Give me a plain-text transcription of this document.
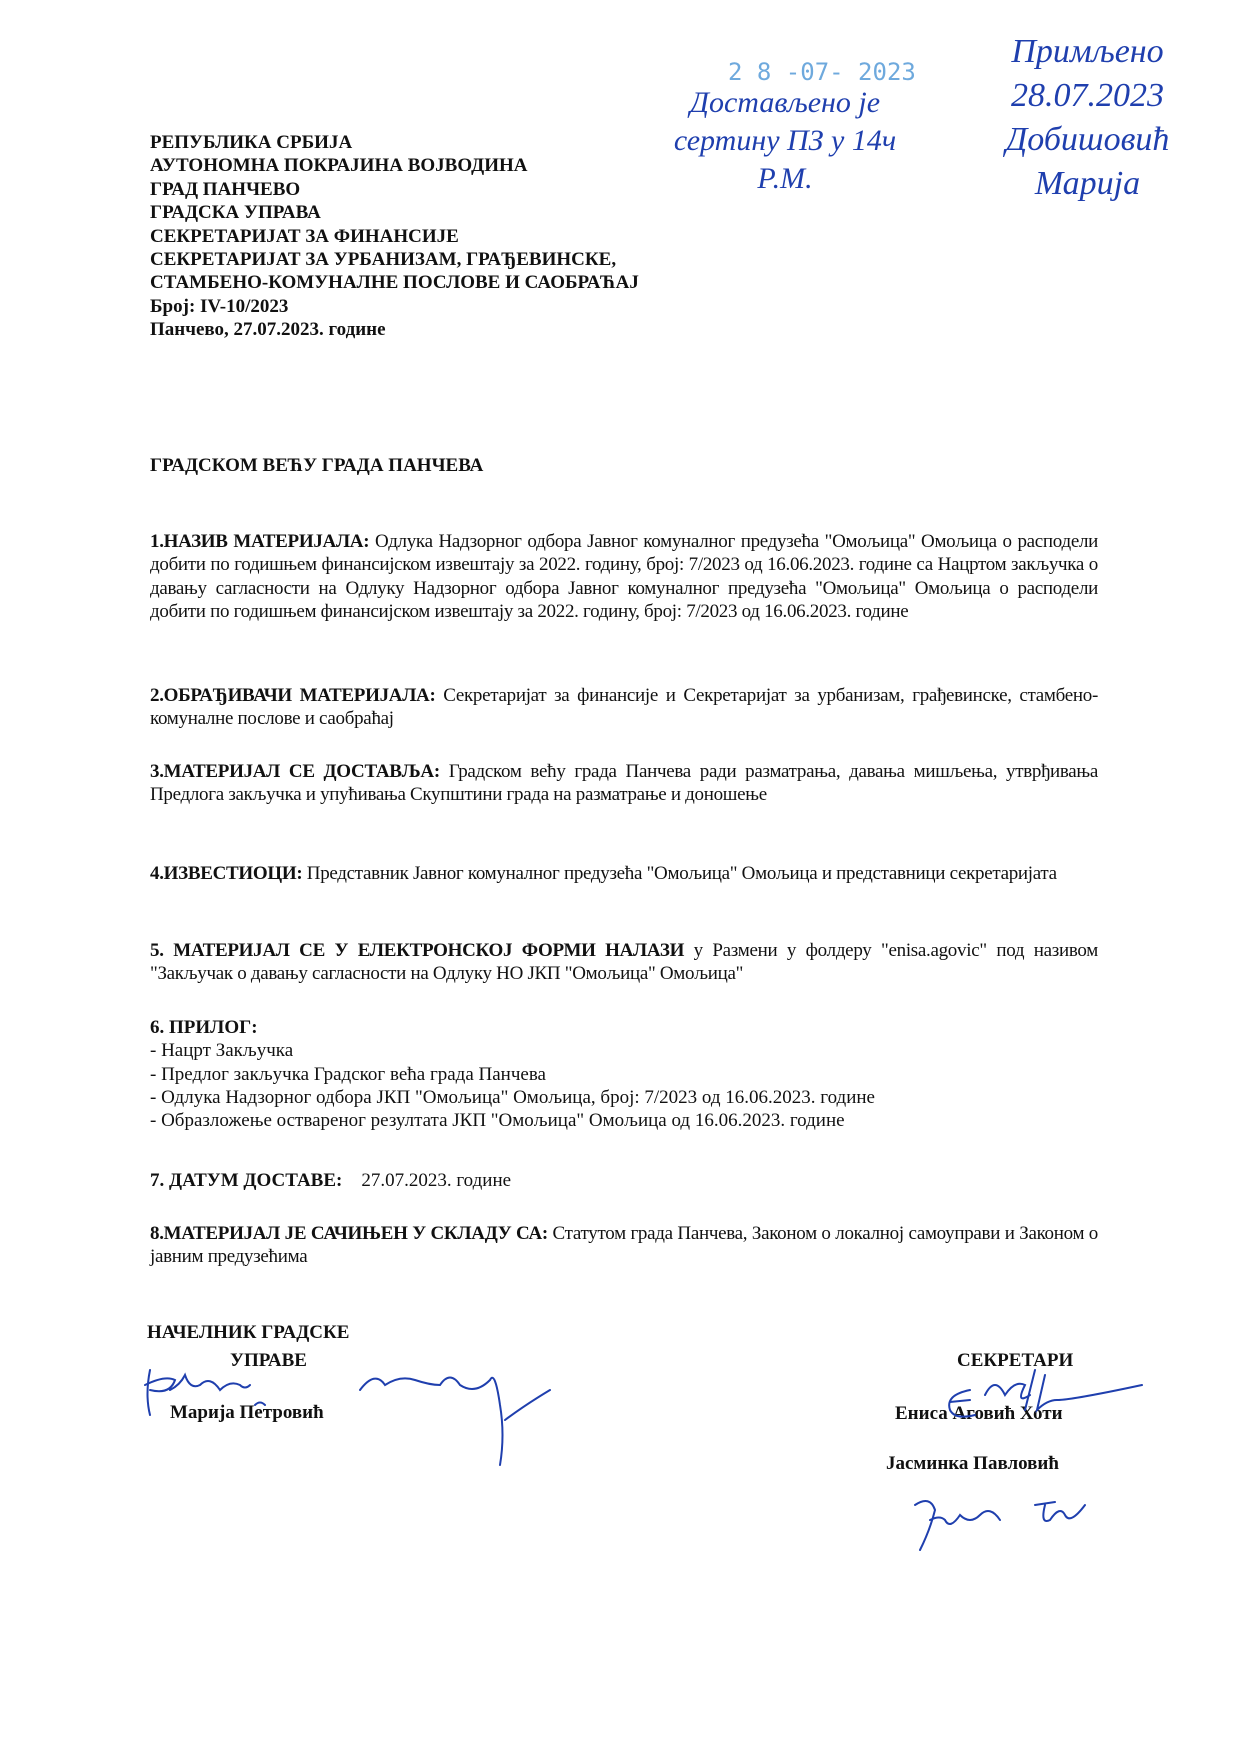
РЕПУБЛИКА СРБИЈА
АУТОНОМНА ПОКРАЈИНА ВОЈВОДИНА
ГРАД ПАНЧЕВО
ГРАДСКА УПРАВА
СЕКРЕТАРИЈАТ ЗА ФИНАНСИЈЕ
СЕКРЕТАРИЈАТ ЗА УРБАНИЗАМ, ГРАЂЕВИНСКЕ,
СТАМБЕНО-КОМУНАЛНЕ ПОСЛОВЕ И САОБРАЋАЈ
Број: IV-10/2023
Панчево, 27.07.2023. године
Достављено је сертину ПЗ у 14ч Р.М.
Примљено 28.07.2023 Добишовић Марија
ГРАДСКОМ ВЕЋУ ГРАДА ПАНЧЕВА
1.НАЗИВ МАТЕРИЈАЛА: Одлука Надзорног одбора Јавног комуналног предузећа "Омољица" Омољица о расподели добити по годишњем финансијском извештају за 2022. годину, број: 7/2023 од 16.06.2023. године са Нацртом закључка о давању сагласности на Одлуку Надзорног одбора Јавног комуналног предузећа "Омољица" Омољица о расподели добити по годишњем финансијском извештају за 2022. годину, број: 7/2023 од 16.06.2023. године
2.ОБРАЂИВАЧИ МАТЕРИЈАЛА: Секретаријат за финансије и Секретаријат за урбанизам, грађевинске, стамбено-комуналне послове и саобраћај
3.МАТЕРИЈАЛ СЕ ДОСТАВЉА: Градском већу града Панчева ради разматрања, давања мишљења, утврђивања Предлога закључка и упућивања Скупштини града на разматрање и доношење
4.ИЗВЕСТИОЦИ: Представник Јавног комуналног предузећа "Омољица" Омољица и представници секретаријата
5. МАТЕРИЈАЛ СЕ У ЕЛЕКТРОНСКОЈ ФОРМИ НАЛАЗИ у Размени у фолдеру "enisa.agovic" под називом "Закључак о давању сагласности на Одлуку НО ЈКП "Омољица" Омољица"
6. ПРИЛОГ:
- Нацрт Закључка
- Предлог закључка Градског већа града Панчева
- Одлука Надзорног одбора ЈКП "Омољица" Омољица, број: 7/2023 од 16.06.2023. године
- Образложење оствареног резултата ЈКП "Омољица" Омољица од 16.06.2023. године
7. ДАТУМ ДОСТАВЕ: 27.07.2023. године
8.МАТЕРИЈАЛ ЈЕ САЧИЊЕН У СКЛАДУ СА: Статутом града Панчева, Законом о локалној самоуправи и Законом о јавним предузећима
НАЧЕЛНИК ГРАДСКЕ
УПРАВЕ
Марија Петровић
СЕКРЕТАРИ
Ениса Аговић Хоти
Јасминка Павловић
2 8 -07- 2023
